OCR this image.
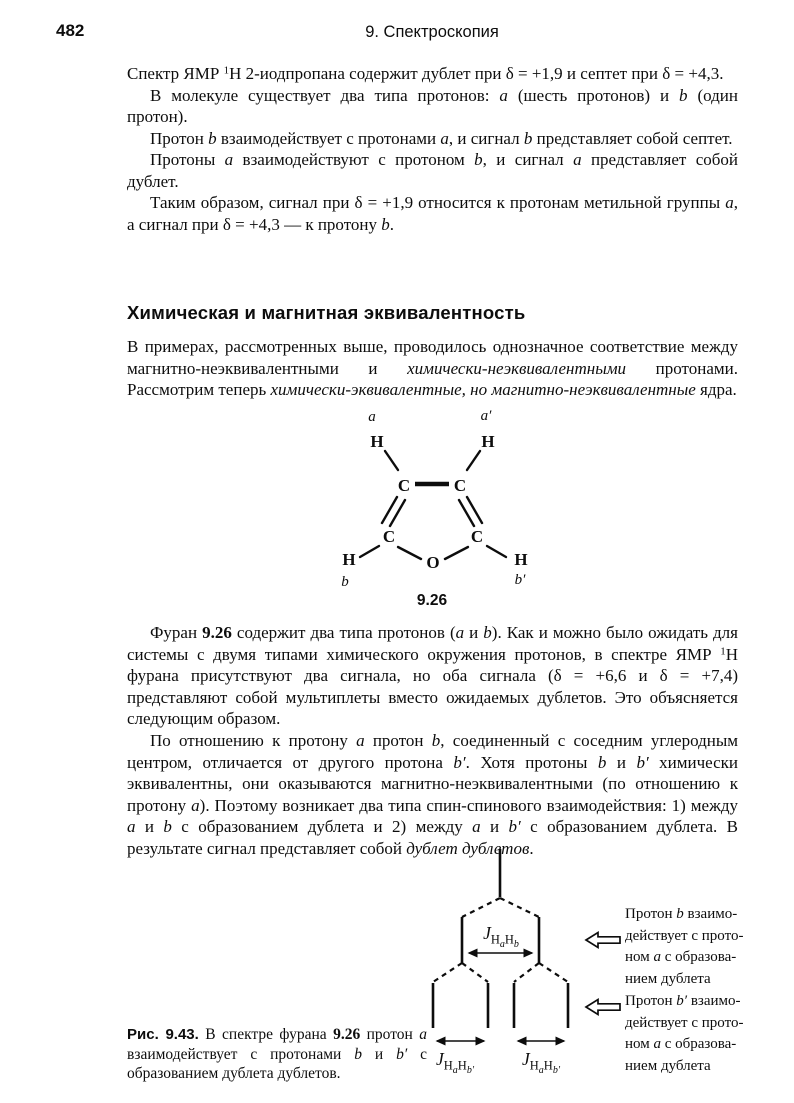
482	9. Спектроскопия

Спектр ЯМР $^1$Н 2-иодпропана содержит дублет при δ = +1,9 и септет при δ = +4,3.

В молекуле существует два типа протонов: a (шесть протонов) и b (один протон).

Протон b взаимодействует с протонами a, и сигнал b представляет собой септет.

Протоны a взаимодействуют с протоном b, и сигнал a представляет собой дублет.

Таким образом, сигнал при δ = +1,9 относится к протонам метильной группы a, а сигнал при δ = +4,3 — к протону b.

Химическая и магнитная эквивалентность

В примерах, рассмотренных выше, проводилось однозначное соответствие между магнитно-неэквивалентными и химически-неэквивалентными протонами. Рассмотрим теперь химически-эквивалентные, но магнитно-неэквивалентные ядра.

a	a′
H	H
C	C
C	C
O
H	H
b	b′
9.26

Фуран 9.26 содержит два типа протонов (a и b). Как и можно было ожидать для системы с двумя типами химического окружения протонов, в спектре ЯМР $^1$Н фурана присутствуют два сигнала, но оба сигнала (δ = +6,6 и δ = +7,4) представляют собой мультиплеты вместо ожидаемых дублетов. Это объясняется следующим образом.

По отношению к протону a протон b, соединенный с соседним углеродным центром, отличается от другого протона b′. Хотя протоны b и b′ химически эквивалентны, они оказываются магнитно-неэквивалентными (по отношению к протону a). Поэтому возникает два типа спин-спинового взаимодействия: 1) между a и b с образованием дублета и 2) между a и b′ с образованием дублета. В результате сигнал представляет собой дублет дублетов.

$J_{HaHb}$
$J_{HaHb'}$
$J_{HaHb'}$
Протон b взаимо-
действует с прото-
ном a с образова-
нием дублета
Протон b′ взаимо-
действует с прото-
ном a с образова-
нием дублета
Рис. 9.43. В спектре фурана 9.26 протон a взаимодействует с протонами b и b′ с образованием дублета дублетов.
